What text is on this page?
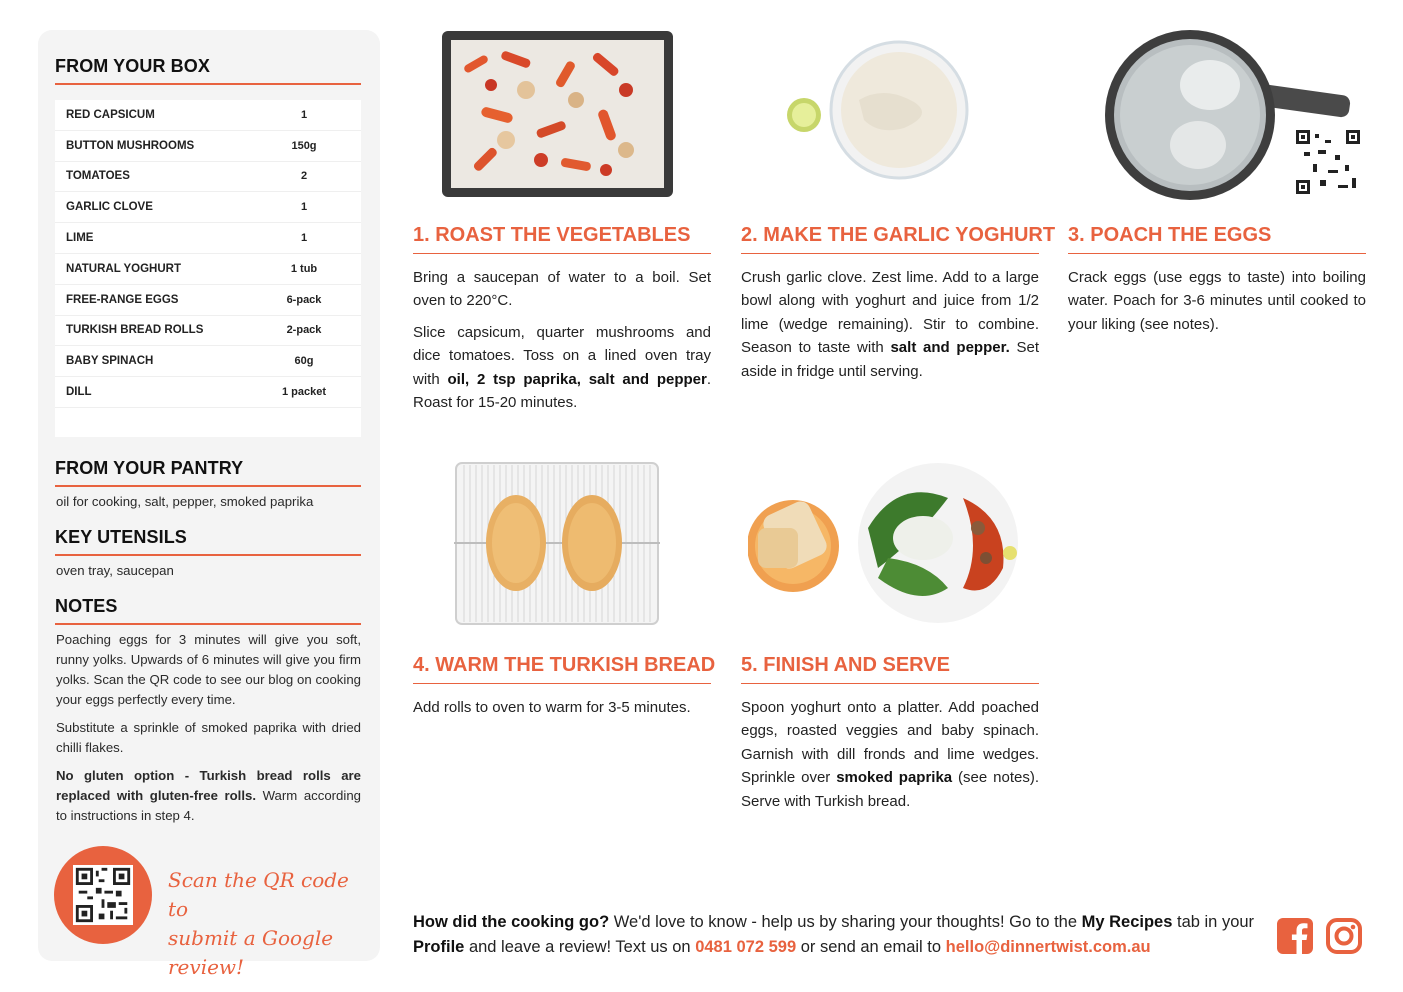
FROM YOUR BOX
RED CAPSICUM	1
BUTTON MUSHROOMS	150g
TOMATOES	2
GARLIC CLOVE	1
LIME	1
NATURAL YOGHURT	1 tub
FREE-RANGE EGGS	6-pack
TURKISH BREAD ROLLS	2-pack
BABY SPINACH	60g
DILL	1 packet
FROM YOUR PANTRY
oil for cooking, salt, pepper, smoked paprika
KEY UTENSILS
oven tray, saucepan
NOTES

Poaching eggs for 3 minutes will give you soft, runny yolks. Upwards of 6 minutes will give you firm yolks. Scan the QR code to see our blog on cooking your eggs perfectly every time.

Substitute a sprinkle of smoked paprika with dried chilli flakes.

No gluten option - Turkish bread rolls are replaced with gluten-free rolls. Warm according to instructions in step 4.

Scan the QR code to
submit a Google review!
1. ROAST THE VEGETABLES

Bring a saucepan of water to a boil. Set oven to 220°C.

Slice capsicum, quarter mushrooms and dice tomatoes. Toss on a lined oven tray with oil, 2 tsp paprika, salt and pepper. Roast for 15-20 minutes.

2. MAKE THE GARLIC YOGHURT

Crush garlic clove. Zest lime. Add to a large bowl along with yoghurt and juice from 1/2 lime (wedge remaining). Stir to combine. Season to taste with salt and pepper. Set aside in fridge until serving.

3. POACH THE EGGS

Crack eggs (use eggs to taste) into boiling water. Poach for 3-6 minutes until cooked to your liking (see notes).

4. WARM THE TURKISH BREAD

Add rolls to oven to warm for 3-5 minutes.

5. FINISH AND SERVE

Spoon yoghurt onto a platter. Add poached eggs, roasted veggies and baby spinach. Garnish with dill fronds and lime wedges. Sprinkle over smoked paprika (see notes). Serve with Turkish bread.

How did the cooking go? We'd love to know - help us by sharing your thoughts! Go to the My Recipes tab in your Profile and leave a review! Text us on 0481 072 599 or send an email to hello@dinnertwist.com.au
